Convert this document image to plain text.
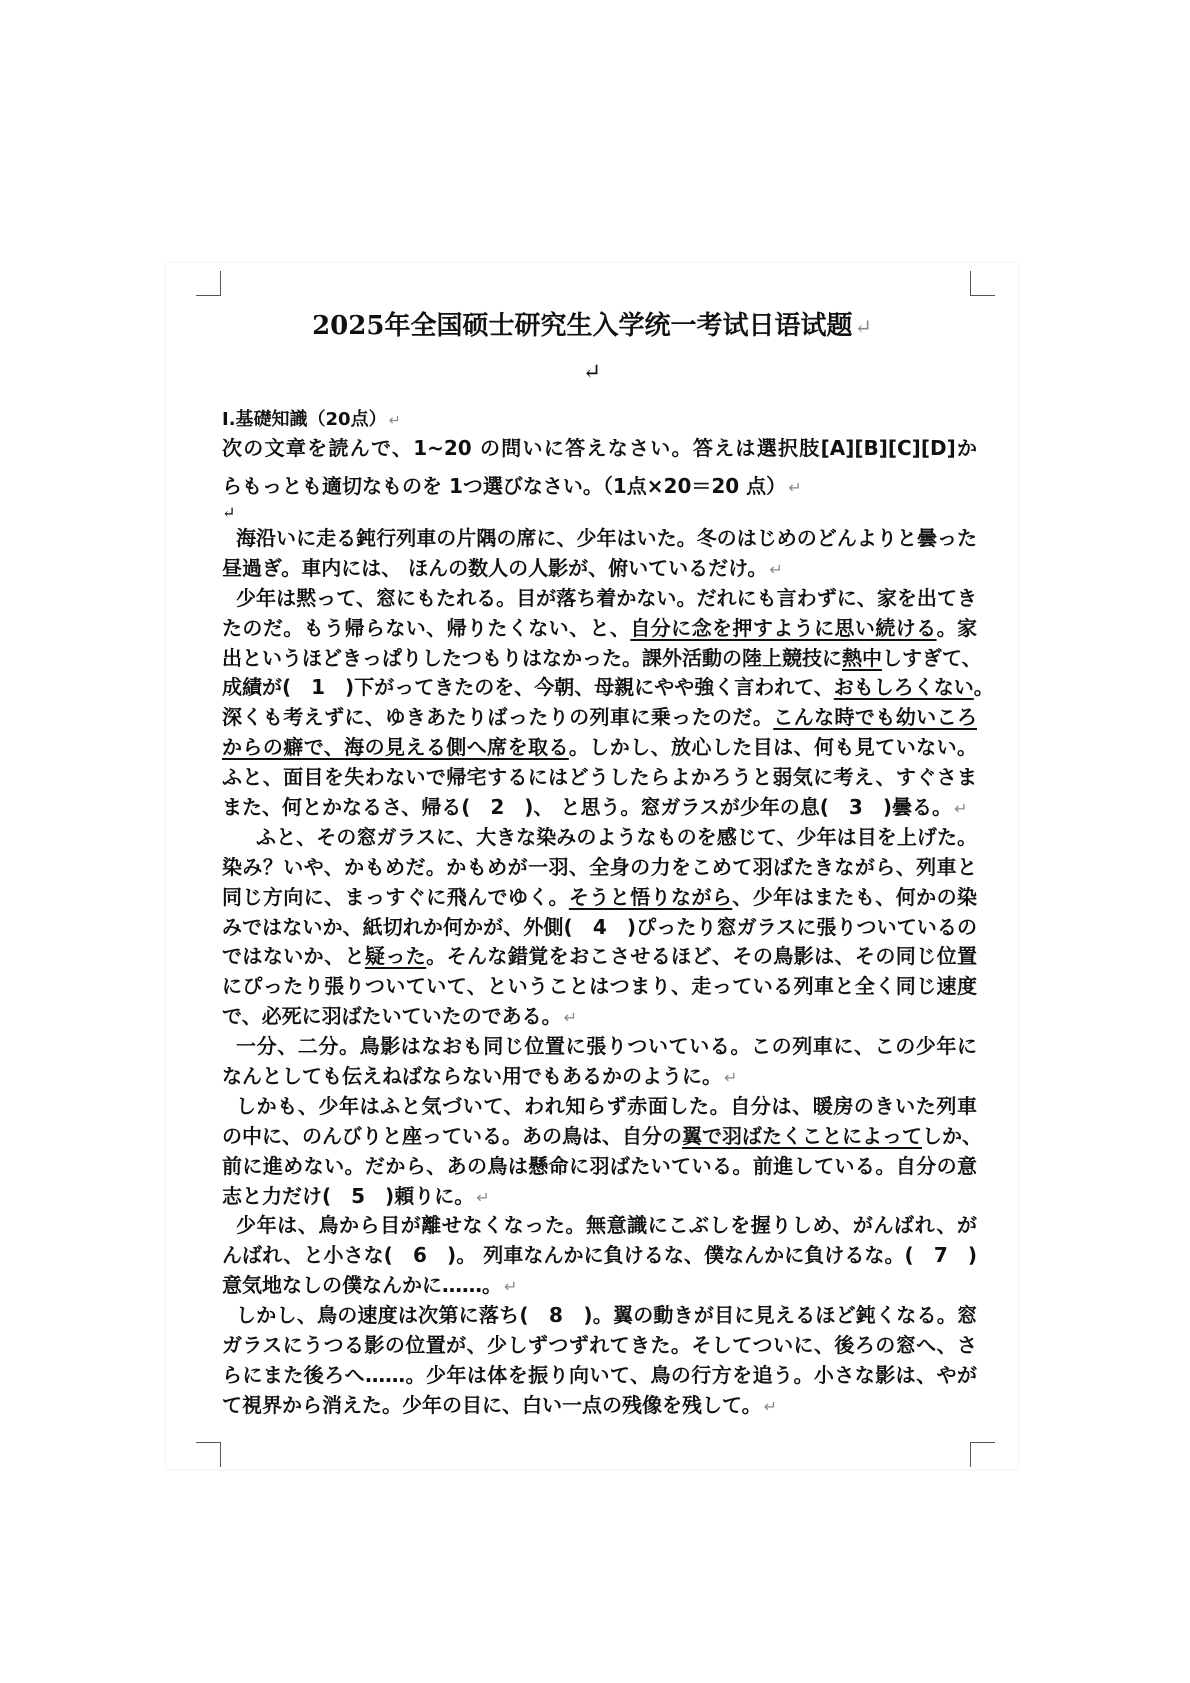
2025年全国硕士研究生入学统一考试日语试题↵
↵
I.基礎知識（20点） ↵
次の文章を読んで、1~20 の問いに答えなさい。答えは選択肢[A][B][C][D]か
らもっとも適切なものを 1つ選びなさい。（1点×20＝20 点） ↵
↵
海沿いに走る鈍行列車の片隅の席に、少年はいた。冬のはじめのどんよりと曇った
昼過ぎ。車内には、 ほんの数人の人影が、俯いているだけ。 ↵
少年は黙って、窓にもたれる。目が落ち着かない。だれにも言わずに、家を出てき
たのだ。もう帰らない、帰りたくない、と、自分に念を押すように思い続ける。家
出というほどきっぱりしたつもりはなかった。課外活動の陸上競技に熱中しすぎて、
成績が(　1　)下がってきたのを、今朝、母親にやや強く言われて、おもしろくない。
深くも考えずに、ゆきあたりばったりの列車に乗ったのだ。こんな時でも幼いころ
からの癖で、海の見える側へ席を取る。しかし、放心した目は、何も見ていない。
ふと、面目を失わないで帰宅するにはどうしたらよかろうと弱気に考え、すぐさま
また、何とかなるさ、帰る(　2　)、 と思う。窓ガラスが少年の息(　3　)曇る。 ↵
　ふと、その窓ガラスに、大きな染みのようなものを感じて、少年は目を上げた。
染み？いや、かもめだ。かもめが一羽、全身の力をこめて羽ばたきながら、列車と
同じ方向に、まっすぐに飛んでゆく。そうと悟りながら、少年はまたも、何かの染
みではないか、紙切れか何かが、外側(　4　)ぴったり窓ガラスに張りついているの
ではないか、と疑った。そんな錯覚をおこさせるほど、その鳥影は、その同じ位置
にぴったり張りついていて、ということはつまり、走っている列車と全く同じ速度
で、必死に羽ばたいていたのである。 ↵
一分、二分。鳥影はなおも同じ位置に張りついている。この列車に、この少年に
なんとしても伝えねばならない用でもあるかのように。 ↵
しかも、少年はふと気づいて、われ知らず赤面した。自分は、暖房のきいた列車
の中に、のんびりと座っている。あの鳥は、自分の翼で羽ばたくことによってしか、
前に進めない。だから、あの鳥は懸命に羽ばたいている。前進している。自分の意
志と力だけ(　5　)頼りに。 ↵
少年は、鳥から目が離せなくなった。無意識にこぶしを握りしめ、がんばれ、が
んばれ、と小さな(　6　)。 列車なんかに負けるな、僕なんかに負けるな。(　7　)
意気地なしの僕なんかに……。 ↵
しかし、鳥の速度は次第に落ち(　8　)。翼の動きが目に見えるほど鈍くなる。窓
ガラスにうつる影の位置が、少しずつずれてきた。そしてついに、後ろの窓へ、さ
らにまた後ろへ……。少年は体を振り向いて、鳥の行方を追う。小さな影は、やが
て視界から消えた。少年の目に、白い一点の残像を残して。 ↵
